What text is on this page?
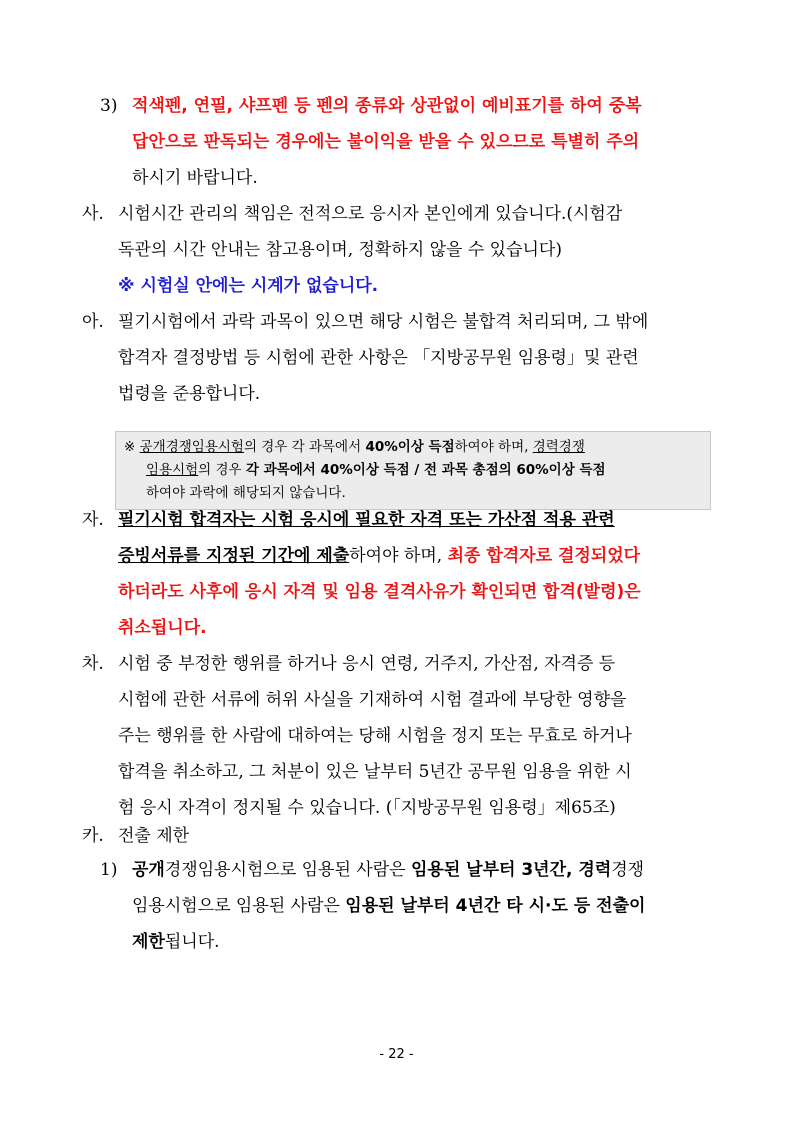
3) 적색펜, 연필, 샤프펜 등 펜의 종류와 상관없이 예비표기를 하여 중복
답안으로 판독되는 경우에는 불이익을 받을 수 있으므로 특별히 주의
하시기 바랍니다.
사. 시험시간 관리의 책임은 전적으로 응시자 본인에게 있습니다.(시험감
독관의 시간 안내는 참고용이며, 정확하지 않을 수 있습니다)
※ 시험실 안에는 시계가 없습니다.
아. 필기시험에서 과락 과목이 있으면 해당 시험은 불합격 처리되며, 그 밖에
합격자 결정방법 등 시험에 관한 사항은 「지방공무원 임용령」및 관련
법령을 준용합니다.
※ 공개경쟁임용시험의 경우 각 과목에서 40%이상 득점하여야 하며, 경력경쟁
임용시험의 경우 각 과목에서 40%이상 득점 / 전 과목 총점의 60%이상 득점
하여야 과락에 해당되지 않습니다.
자. 필기시험 합격자는 시험 응시에 필요한 자격 또는 가산점 적용 관련
증빙서류를 지정된 기간에 제출하여야 하며, 최종 합격자로 결정되었다
하더라도 사후에 응시 자격 및 임용 결격사유가 확인되면 합격(발령)은
취소됩니다.
차. 시험 중 부정한 행위를 하거나 응시 연령, 거주지, 가산점, 자격증 등
시험에 관한 서류에 허위 사실을 기재하여 시험 결과에 부당한 영향을
주는 행위를 한 사람에 대하여는 당해 시험을 정지 또는 무효로 하거나
합격을 취소하고, 그 처분이 있은 날부터 5년간 공무원 임용을 위한 시
험 응시 자격이 정지될 수 있습니다. (「지방공무원 임용령」제65조)
카. 전출 제한
1) 공개경쟁임용시험으로 임용된 사람은 임용된 날부터 3년간, 경력경쟁
임용시험으로 임용된 사람은 임용된 날부터 4년간 타 시·도 등 전출이
제한됩니다.
- 22 -
